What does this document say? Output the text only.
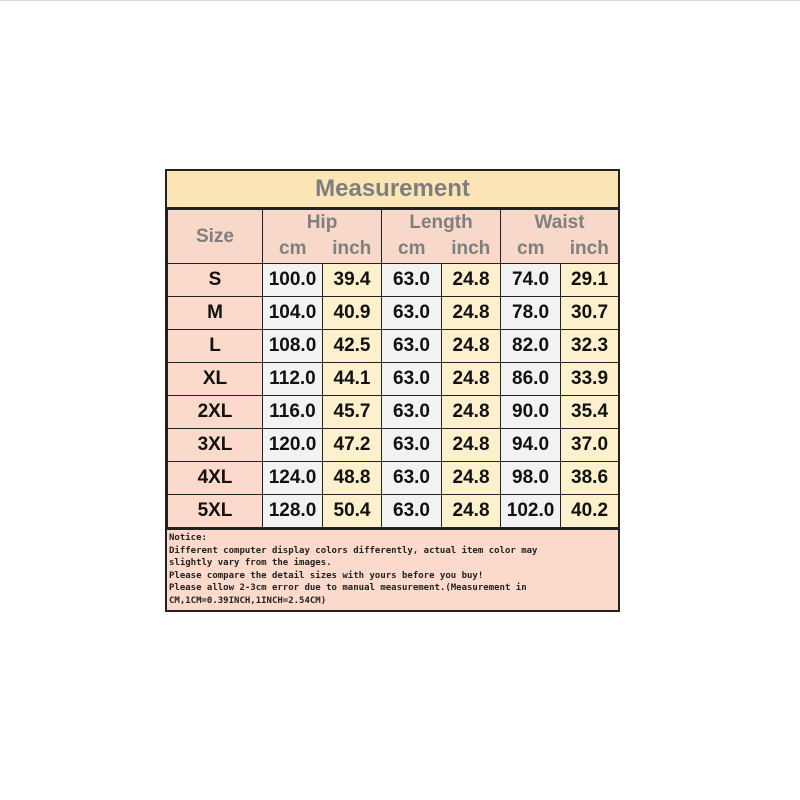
Measurement
Size	Hip		Length		Waist	
	cm	inch	cm	inch	cm	inch
S	100.0	39.4	63.0	24.8	74.0	29.1
M	104.0	40.9	63.0	24.8	78.0	30.7
L	108.0	42.5	63.0	24.8	82.0	32.3
XL	112.0	44.1	63.0	24.8	86.0	33.9
2XL	116.0	45.7	63.0	24.8	90.0	35.4
3XL	120.0	47.2	63.0	24.8	94.0	37.0
4XL	124.0	48.8	63.0	24.8	98.0	38.6
5XL	128.0	50.4	63.0	24.8	102.0	40.2
Notice:
Different computer display colors differently, actual item color may
slightly vary from the images.
Please compare the detail sizes with yours before you buy!
Please allow 2-3cm error due to manual measurement.(Measurement in
CM,1CM=0.39INCH,1INCH=2.54CM)
